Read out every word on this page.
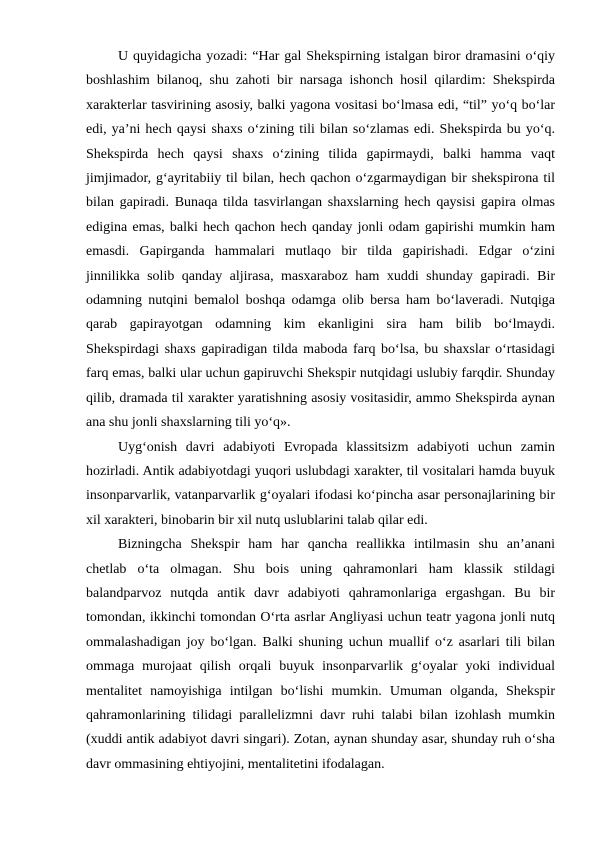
U quyidagicha yozadi: “Har gal Shekspirning istalgan biror dramasini o‘qiy boshlashim bilanoq, shu zahoti bir narsaga ishonch hosil qilardim: Shekspirda xarakterlar tasvirining asosiy, balki yagona vositasi bo‘lmasa edi, “til” yo‘q bo‘lar edi, ya’ni hech qaysi shaxs o‘zining tili bilan so‘zlamas edi. Shekspirda bu yo‘q. Shekspirda hech qaysi shaxs o‘zining tilida gapirmaydi, balki hamma vaqt jimjimador, g‘ayritabiiy til bilan, hech qachon o‘zgarmaydigan bir shekspirona til bilan gapiradi. Bunaqa tilda tasvirlangan shaxslarning hech qaysisi gapira olmas edigina emas, balki hech qachon hech qanday jonli odam gapirishi mumkin ham emasdi. Gapirganda hammalari mutlaqo bir tilda gapirishadi. Edgar o‘zini jinnilikka solib qanday aljirasa, masxaraboz ham xuddi shunday gapiradi. Bir odamning nutqini bemalol boshqa odamga olib bersa ham bo‘laveradi. Nutqiga qarab gapirayotgan odamning kim ekanligini sira ham bilib bo‘lmaydi. Shekspirdagi shaxs gapiradigan tilda maboda farq bo‘lsa, bu shaxslar o‘rtasidagi farq emas, balki ular uchun gapiruvchi Shekspir nutqidagi uslubiy farqdir. Shunday qilib, dramada til xarakter yaratishning asosiy vositasidir, ammo Shekspirda aynan ana shu jonli shaxslarning tili yo‘q».

Uyg‘onish davri adabiyoti Evropada klassitsizm adabiyoti uchun zamin hozirladi. Antik adabiyotdagi yuqori uslubdagi xarakter, til vositalari hamda buyuk insonparvarlik, vatanparvarlik g‘oyalari ifodasi ko‘pincha asar personajlarining bir xil xarakteri, binobarin bir xil nutq uslublarini talab qilar edi.

Bizningcha Shekspir ham har qancha reallikka intilmasin shu an’anani chetlab o‘ta olmagan. Shu bois uning qahramonlari ham klassik stildagi balandparvoz nutqda antik davr adabiyoti qahramonlariga ergashgan. Bu bir tomondan, ikkinchi tomondan O‘rta asrlar Angliyasi uchun teatr yagona jonli nutq ommalashadigan joy bo‘lgan. Balki shuning uchun muallif o‘z asarlari tili bilan ommaga murojaat qilish orqali buyuk insonparvarlik g‘oyalar yoki individual mentalitet namoyishiga intilgan bo‘lishi mumkin. Umuman olganda, Shekspir qahramonlarining tilidagi parallelizmni davr ruhi talabi bilan izohlash mumkin (xuddi antik adabiyot davri singari). Zotan, aynan shunday asar, shunday ruh o‘sha davr ommasining ehtiyojini, mentalitetini ifodalagan.
